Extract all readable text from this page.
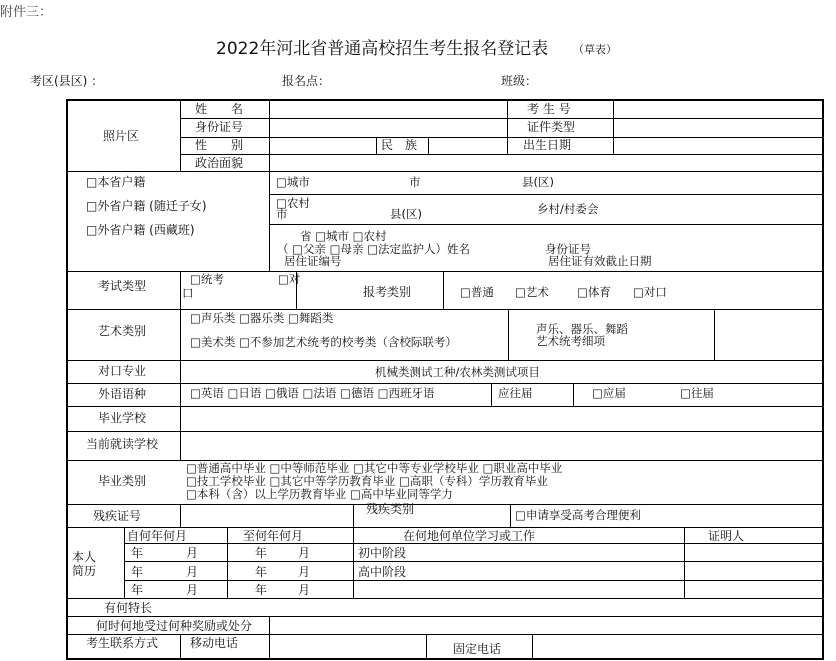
附件三：
2022年河北省普通高校招生考生报名登记表 （草表）
考区(县区) ：	报名点：	班级：
照片区
姓　　名	考 生 号
身份证号	证件类型
性　　别	民　族	出生日期
政治面貌
□本省户籍
□外省户籍 (随迁子女)
□外省户籍 (西藏班)
□城市	市	县(区)
□农村
市	县(区)	乡村/村委会
省 □城市 □农村
（ □父亲 □母亲 □法定监护人）姓名	身份证号
居住证编号	居住证有效截止日期
考试类型	□统考	□对
口	报考类别	□普通 □艺术 □体育 □对口
艺术类别
□声乐类 □器乐类 □舞蹈类
□美术类 □不参加艺术统考的校考类（含校际联考）
声乐、器乐、舞蹈
艺术统考细项
对口专业	机械类测试工种/农林类测试项目
外语语种	□英语 □日语 □俄语 □法语 □德语 □西班牙语	应往届	□应届	□往届
毕业学校
当前就读学校
毕业类别
□普通高中毕业 □中等师范毕业 □其它中等专业学校毕业 □职业高中毕业
□技工学校毕业 □其它中等学历教育毕业 □高职（专科）学历教育毕业
□本科（含）以上学历教育毕业 □高中毕业同等学力
残疾证号	残疾类别	□申请享受高考合理便利
本人
简历
自何年何月	至何年何月	在何地何单位学习或工作	证明人
年	月	年	月	初中阶段
年	月	年	月	高中阶段
年	月	年	月
有何特长
何时何地受过何种奖励或处分
考生联系方式	移动电话	固定电话
